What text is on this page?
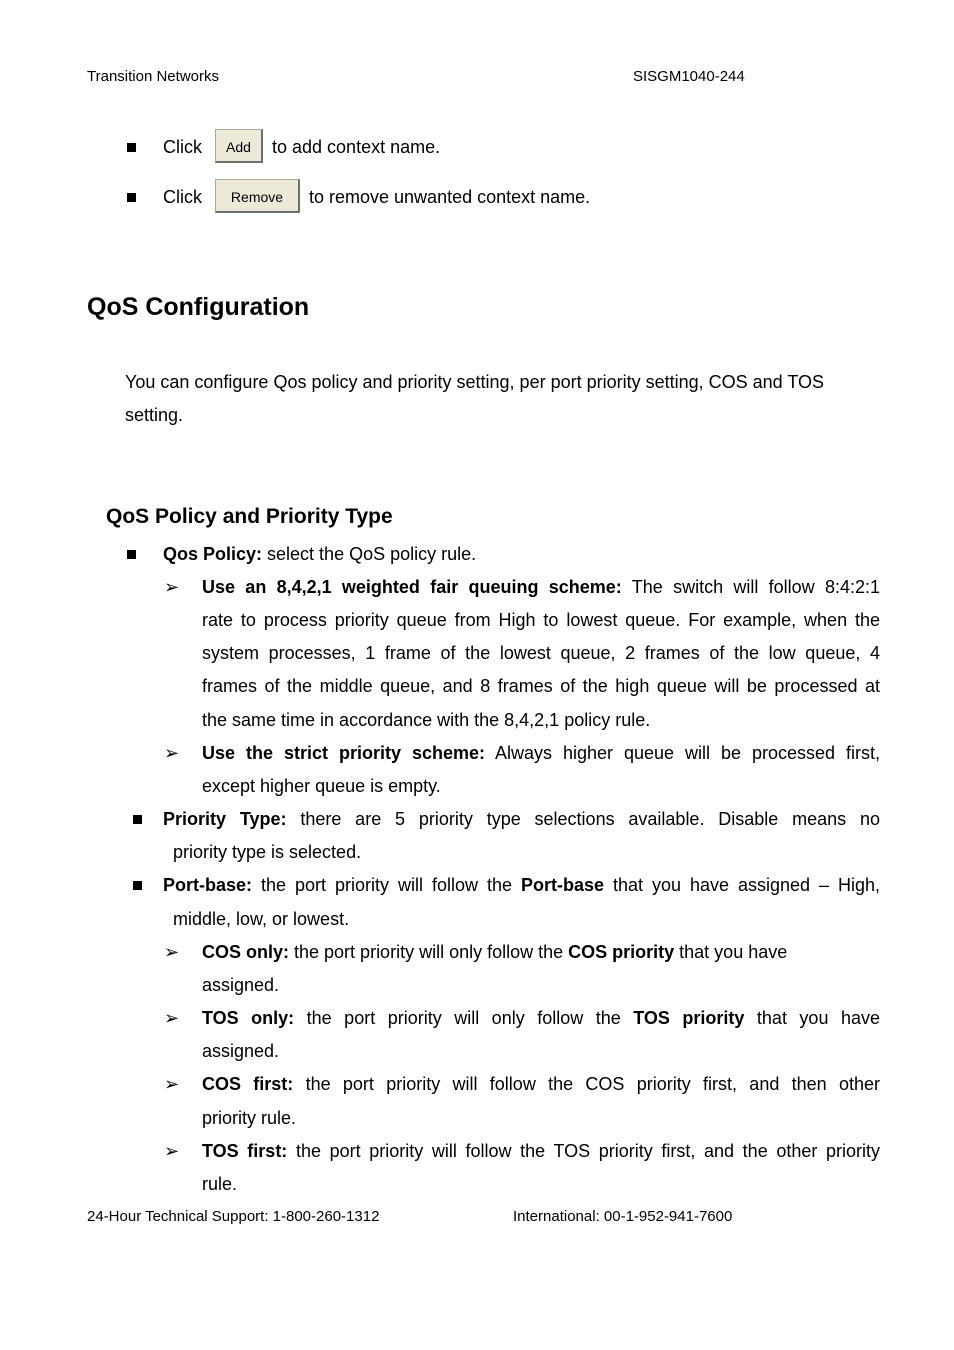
Transition Networks	SISGM1040-244
Click	Add	to add context name.
Click	Remove	to remove unwanted context name.
QoS Configuration
You can configure Qos policy and priority setting, per port priority setting, COS and TOS
setting.
QoS Policy and Priority Type
Qos Policy: select the QoS policy rule.
➢ Use an 8,4,2,1 weighted fair queuing scheme: The switch will follow 8:4:2:1
rate to process priority queue from High to lowest queue. For example, when the
system processes, 1 frame of the lowest queue, 2 frames of the low queue, 4
frames of the middle queue, and 8 frames of the high queue will be processed at
the same time in accordance with the 8,4,2,1 policy rule.
➢ Use the strict priority scheme: Always higher queue will be processed first,
except higher queue is empty.
Priority Type: there are 5 priority type selections available. Disable means no
priority type is selected.
Port-base: the port priority will follow the Port-base that you have assigned – High,
middle, low, or lowest.
➢ COS only: the port priority will only follow the COS priority that you have
assigned.
➢ TOS only: the port priority will only follow the TOS priority that you have
assigned.
➢ COS first: the port priority will follow the COS priority first, and then other
priority rule.
➢ TOS first: the port priority will follow the TOS priority first, and the other priority
rule.
24-Hour Technical Support: 1-800-260-1312	International: 00-1-952-941-7600
